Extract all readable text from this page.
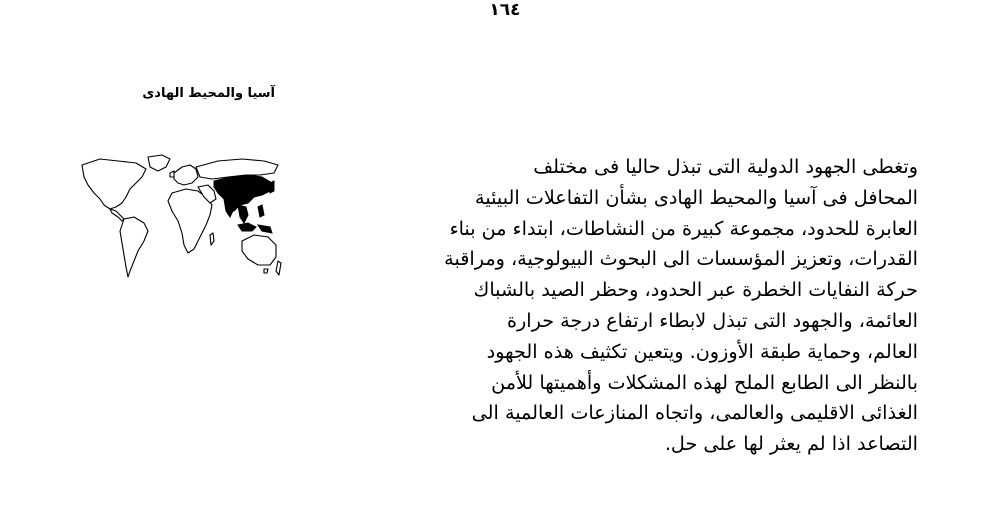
١٦٤
آسيا والمحيط الهادى
وتغطى الجهود الدولية التى تبذل حاليا فى مختلف
المحافل فى آسيا والمحيط الهادى بشأن التفاعلات البيئية
العابرة للحدود، مجموعة كبيرة من النشاطات، ابتداء من بناء
القدرات، وتعزيز المؤسسات الى البحوث البيولوجية، ومراقبة
حركة النفايات الخطرة عبر الحدود، وحظر الصيد بالشباك
العائمة، والجهود التى تبذل لابطاء ارتفاع درجة حرارة
العالم، وحماية طبقة الأوزون. ويتعين تكثيف هذه الجهود
بالنظر الى الطابع الملح لهذه المشكلات وأهميتها للأمن
الغذائى الاقليمى والعالمى، واتجاه المنازعات العالمية الى
التصاعد اذا لم يعثر لها على حل.
